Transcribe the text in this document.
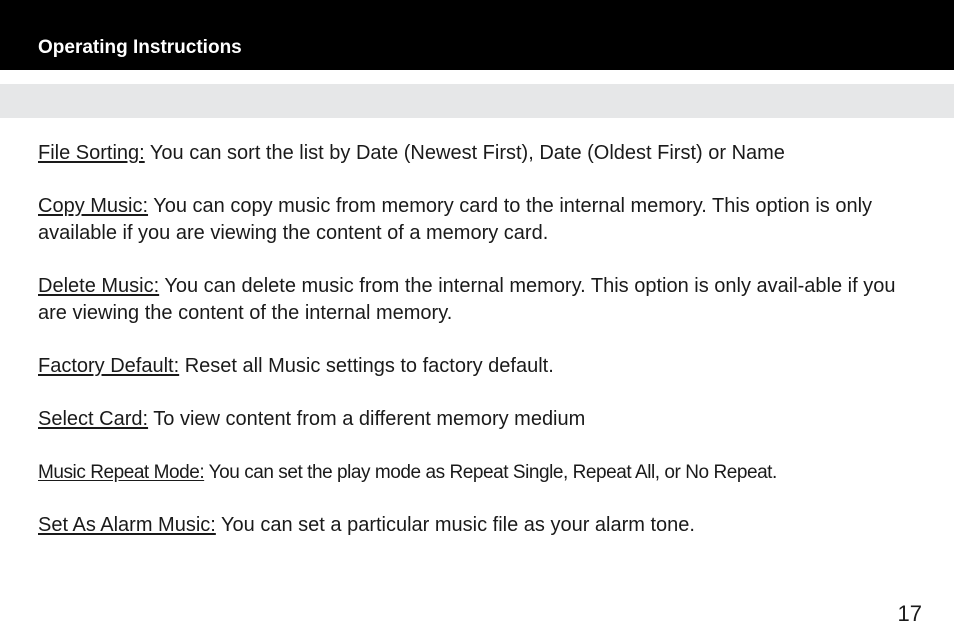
Operating Instructions

File Sorting: You can sort the list by Date (Newest First), Date (Oldest First) or Name

Copy Music: You can copy music from memory card to the internal memory. This option is only available if you are viewing the content of a memory card.

Delete Music: You can delete music from the internal memory. This option is only avail-able if you are viewing the content of the internal memory.

Factory Default: Reset all Music settings to factory default.

Select Card: To view content from a different memory medium

Music Repeat Mode: You can set the play mode as Repeat Single, Repeat All, or No Repeat.

Set As Alarm Music: You can set a particular music file as your alarm tone.

17
